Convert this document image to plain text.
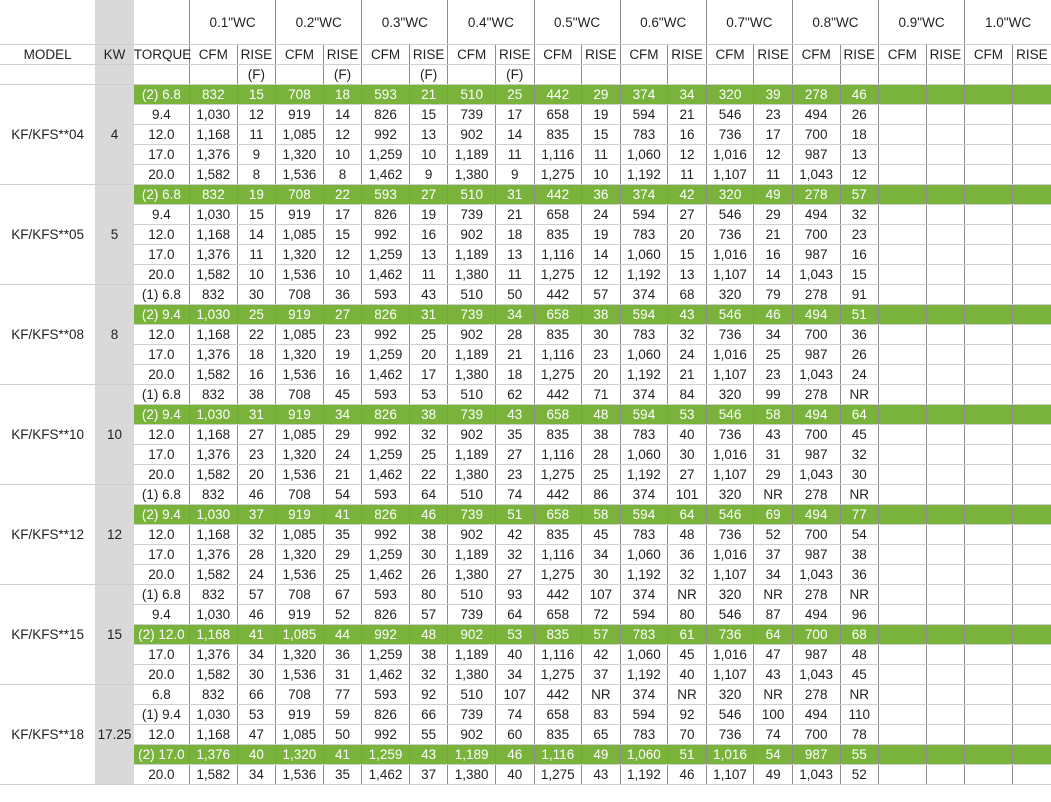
			0.1"WC		0.2"WC		0.3"WC		0.4"WC		0.5"WC		0.6"WC		0.7"WC		0.8"WC		0.9"WC		1.0"WC	
MODEL	KW	TORQUE	CFM	RISE	CFM	RISE	CFM	RISE	CFM	RISE	CFM	RISE	CFM	RISE	CFM	RISE	CFM	RISE	CFM	RISE	CFM	RISE
				(F)		(F)		(F)		(F)												
KF/KFS**04	4	(2) 6.8	832	15	708	18	593	21	510	25	442	29	374	34	320	39	278	46				
		9.4	1,030	12	919	14	826	15	739	17	658	19	594	21	546	23	494	26				
		12.0	1,168	11	1,085	12	992	13	902	14	835	15	783	16	736	17	700	18				
		17.0	1,376	9	1,320	10	1,259	10	1,189	11	1,116	11	1,060	12	1,016	12	987	13				
		20.0	1,582	8	1,536	8	1,462	9	1,380	9	1,275	10	1,192	11	1,107	11	1,043	12				
KF/KFS**05	5	(2) 6.8	832	19	708	22	593	27	510	31	442	36	374	42	320	49	278	57				
		9.4	1,030	15	919	17	826	19	739	21	658	24	594	27	546	29	494	32				
		12.0	1,168	14	1,085	15	992	16	902	18	835	19	783	20	736	21	700	23				
		17.0	1,376	11	1,320	12	1,259	13	1,189	13	1,116	14	1,060	15	1,016	16	987	16				
		20.0	1,582	10	1,536	10	1,462	11	1,380	11	1,275	12	1,192	13	1,107	14	1,043	15				
KF/KFS**08	8	(1) 6.8	832	30	708	36	593	43	510	50	442	57	374	68	320	79	278	91				
		(2) 9.4	1,030	25	919	27	826	31	739	34	658	38	594	43	546	46	494	51				
		12.0	1,168	22	1,085	23	992	25	902	28	835	30	783	32	736	34	700	36				
		17.0	1,376	18	1,320	19	1,259	20	1,189	21	1,116	23	1,060	24	1,016	25	987	26				
		20.0	1,582	16	1,536	16	1,462	17	1,380	18	1,275	20	1,192	21	1,107	23	1,043	24				
KF/KFS**10	10	(1) 6.8	832	38	708	45	593	53	510	62	442	71	374	84	320	99	278	NR				
		(2) 9.4	1,030	31	919	34	826	38	739	43	658	48	594	53	546	58	494	64				
		12.0	1,168	27	1,085	29	992	32	902	35	835	38	783	40	736	43	700	45				
		17.0	1,376	23	1,320	24	1,259	25	1,189	27	1,116	28	1,060	30	1,016	31	987	32				
		20.0	1,582	20	1,536	21	1,462	22	1,380	23	1,275	25	1,192	27	1,107	29	1,043	30				
KF/KFS**12	12	(1) 6.8	832	46	708	54	593	64	510	74	442	86	374	101	320	NR	278	NR				
		(2) 9.4	1,030	37	919	41	826	46	739	51	658	58	594	64	546	69	494	77				
		12.0	1,168	32	1,085	35	992	38	902	42	835	45	783	48	736	52	700	54				
		17.0	1,376	28	1,320	29	1,259	30	1,189	32	1,116	34	1,060	36	1,016	37	987	38				
		20.0	1,582	24	1,536	25	1,462	26	1,380	27	1,275	30	1,192	32	1,107	34	1,043	36				
KF/KFS**15	15	(1) 6.8	832	57	708	67	593	80	510	93	442	107	374	NR	320	NR	278	NR				
		9.4	1,030	46	919	52	826	57	739	64	658	72	594	80	546	87	494	96				
		(2) 12.0	1,168	41	1,085	44	992	48	902	53	835	57	783	61	736	64	700	68				
		17.0	1,376	34	1,320	36	1,259	38	1,189	40	1,116	42	1,060	45	1,016	47	987	48				
		20.0	1,582	30	1,536	31	1,462	32	1,380	34	1,275	37	1,192	40	1,107	43	1,043	45				
KF/KFS**18	17.25	6.8	832	66	708	77	593	92	510	107	442	NR	374	NR	320	NR	278	NR				
		(1) 9.4	1,030	53	919	59	826	66	739	74	658	83	594	92	546	100	494	110				
		12.0	1,168	47	1,085	50	992	55	902	60	835	65	783	70	736	74	700	78				
		(2) 17.0	1,376	40	1,320	41	1,259	43	1,189	46	1,116	49	1,060	51	1,016	54	987	55				
		20.0	1,582	34	1,536	35	1,462	37	1,380	40	1,275	43	1,192	46	1,107	49	1,043	52				
